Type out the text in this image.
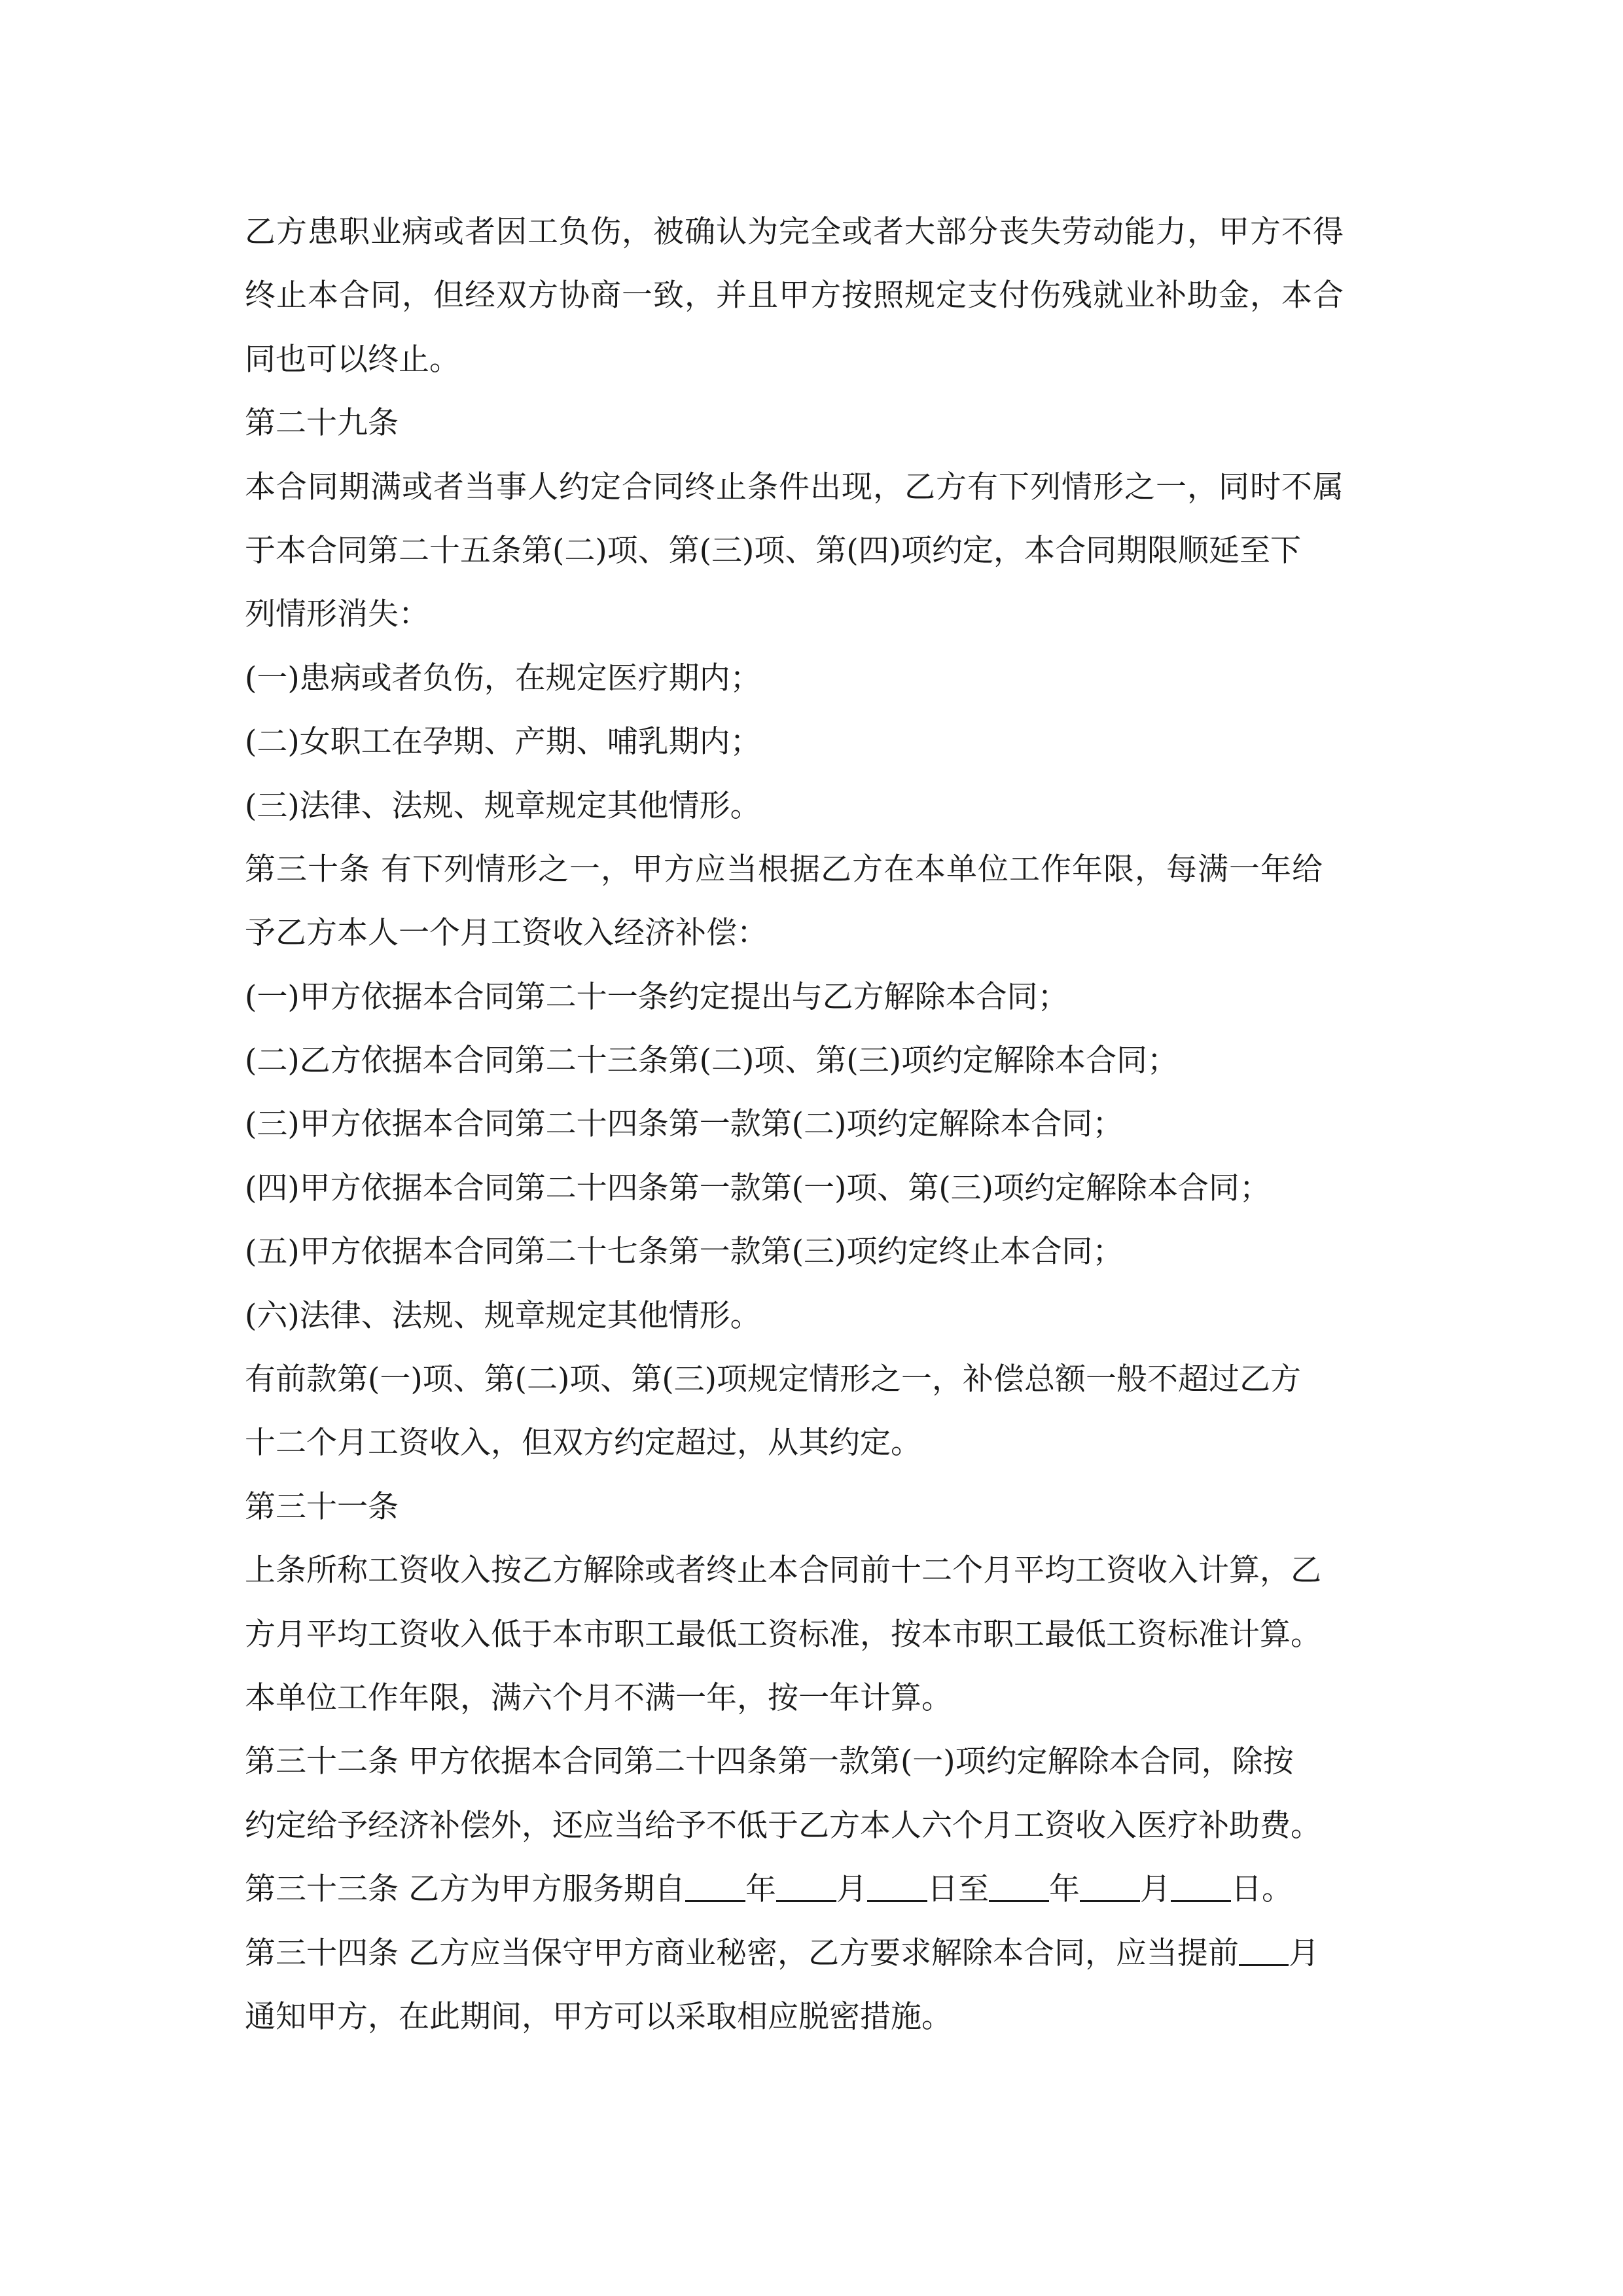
乙方患职业病或者因工负伤，被确认为完全或者大部分丧失劳动能力，甲方不得
终止本合同，但经双方协商一致，并且甲方按照规定支付伤残就业补助金，本合
同也可以终止。
第二十九条
本合同期满或者当事人约定合同终止条件出现，乙方有下列情形之一，同时不属
于本合同第二十五条第(二)项、第(三)项、第(四)项约定，本合同期限顺延至下
列情形消失：
(一)患病或者负伤，在规定医疗期内；
(二)女职工在孕期、产期、哺乳期内；
(三)法律、法规、规章规定其他情形。
第三十条 有下列情形之一，甲方应当根据乙方在本单位工作年限，每满一年给
予乙方本人一个月工资收入经济补偿：
(一)甲方依据本合同第二十一条约定提出与乙方解除本合同；
(二)乙方依据本合同第二十三条第(二)项、第(三)项约定解除本合同；
(三)甲方依据本合同第二十四条第一款第(二)项约定解除本合同；
(四)甲方依据本合同第二十四条第一款第(一)项、第(三)项约定解除本合同；
(五)甲方依据本合同第二十七条第一款第(三)项约定终止本合同；
(六)法律、法规、规章规定其他情形。
有前款第(一)项、第(二)项、第(三)项规定情形之一，补偿总额一般不超过乙方
十二个月工资收入，但双方约定超过，从其约定。
第三十一条
上条所称工资收入按乙方解除或者终止本合同前十二个月平均工资收入计算，乙
方月平均工资收入低于本市职工最低工资标准，按本市职工最低工资标准计算。
本单位工作年限，满六个月不满一年，按一年计算。
第三十二条 甲方依据本合同第二十四条第一款第(一)项约定解除本合同，除按
约定给予经济补偿外，还应当给予不低于乙方本人六个月工资收入医疗补助费。
第三十三条 乙方为甲方服务期自 年 月 日至 年 月 日。
第三十四条 乙方应当保守甲方商业秘密，乙方要求解除本合同，应当提前 月
通知甲方，在此期间，甲方可以采取相应脱密措施。
